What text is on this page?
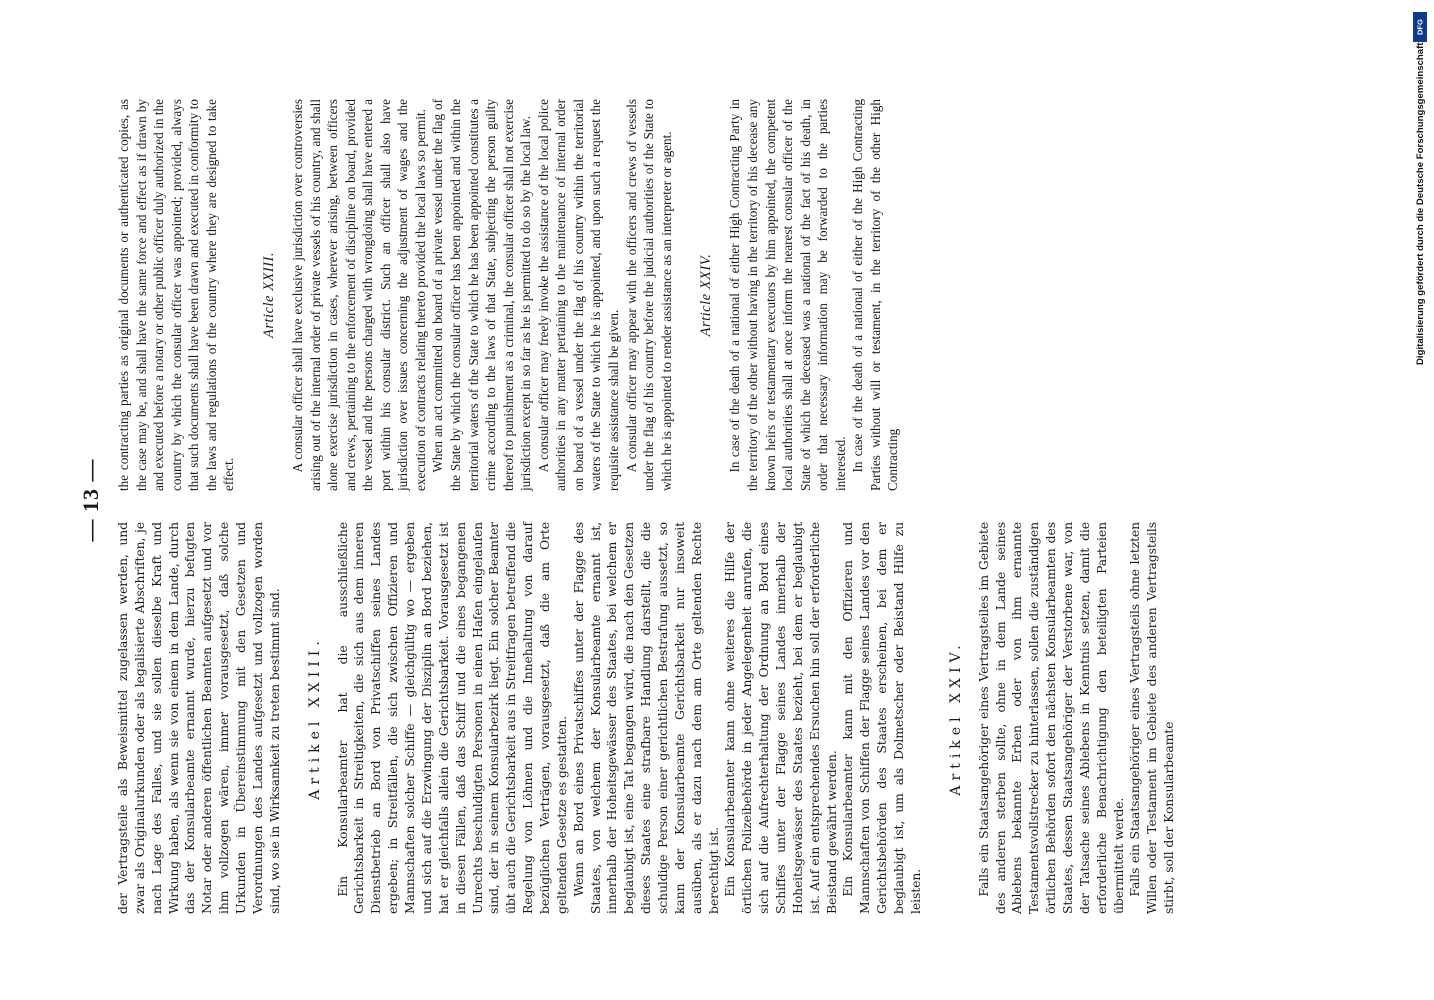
— 13 —

der Vertragsteile als Beweismittel zugelassen werden, und zwar als Originalurkunden oder als legalisierte Abschriften, je nach Lage des Falles, und sie sollen dieselbe Kraft und Wirkung haben, als wenn sie von einem in dem Lande, durch das der Konsularbeamte ernannt wurde, hierzu befugten Notar oder anderen öffentlichen Beamten aufgesetzt und vor ihm vollzogen wären, immer vorausgesetzt, daß solche Urkunden in Übereinstimmung mit den Gesetzen und Verordnungen des Landes aufgesetzt und vollzogen worden sind, wo sie in Wirksamkeit zu treten bestimmt sind. Artikel XXIII. Ein Konsularbeamter hat die ausschließliche Gerichtsbarkeit in Streitigkeiten, die sich aus dem inneren Dienstbetrieb an Bord von Privatschiffen seines Landes ergeben; in Streitfällen, die sich zwischen Offizieren und Mannschaften solcher Schiffe — gleichgültig wo — ergeben und sich auf die Erzwingung der Disziplin an Bord beziehen, hat er gleichfalls allein die Gerichtsbarkeit. Vorausgesetzt ist in diesen Fällen, daß das Schiff und die eines begangenen Unrechts beschuldigten Personen in einen Hafen eingelaufen sind, der in seinem Konsularbezirk liegt. Ein solcher Beamter übt auch die Gerichtsbarkeit aus in Streitfragen betreffend die Regelung von Löhnen und die Innehaltung von darauf bezüglichen Verträgen, vorausgesetzt, daß die am Orte geltenden Gesetze es gestatten. Wenn an Bord eines Privatschiffes unter der Flagge des Staates, von welchem der Konsularbeamte ernannt ist, innerhalb der Hoheitsgewässer des Staates, bei welchem er beglaubigt ist, eine Tat begangen wird, die nach den Gesetzen dieses Staates eine strafbare Handlung darstellt, die die schuldige Person einer gerichtlichen Bestrafung aussetzt, so kann der Konsularbeamte Gerichtsbarkeit nur insoweit ausüben, als er dazu nach dem am Orte geltenden Rechte berechtigt ist. Ein Konsularbeamter kann ohne weiteres die Hilfe der örtlichen Polizeibehörde in jeder Angelegenheit anrufen, die sich auf die Aufrechterhaltung der Ordnung an Bord eines Schiffes unter der Flagge seines Landes innerhalb der Hoheitsgewässer des Staates bezieht, bei dem er beglaubigt ist. Auf ein entsprechendes Ersuchen hin soll der erforderliche Beistand gewährt werden. Ein Konsularbeamter kann mit den Offizieren und Mannschaften von Schiffen der Flagge seines Landes vor den Gerichtsbehörden des Staates erscheinen, bei dem er beglaubigt ist, um als Dolmetscher oder Beistand Hilfe zu leisten.

Artikel XXIV. Falls ein Staatsangehöriger eines Vertragsteiles im Gebiete des anderen sterben sollte, ohne in dem Lande seines Ablebens bekannte Erben oder von ihm ernannte Testamentsvollstrecker zu hinterlassen, sollen die zuständigen örtlichen Behörden sofort den nächsten Konsularbeamten des Staates, dessen Staatsangehöriger der Verstorbene war, von der Tatsache seines Ablebens in Kenntnis setzen, damit die erforderliche Benachrichtigung den beteiligten Parteien übermittelt werde. Falls ein Staatsangehöriger eines Vertragsteils ohne letzten Willen oder Testament im Gebiete des anderen Vertragsteils stirbt, soll der Konsularbeamte

the contracting parties as original documents or authenticated copies, as the case may be, and shall have the same force and effect as if drawn by and executed before a notary or other public officer duly authorized in the country by which the consular officer was appointed; provided, always that such documents shall have been drawn and executed in conformity to the laws and regulations of the country where they are designed to take effect.

Article XXIII. A consular officer shall have exclusive jurisdiction over controversies arising out of the internal order of private vessels of his country, and shall alone exercise jurisdiction in cases, wherever arising, between officers and crews, pertaining to the enforcement of discipline on board, provided the vessel and the persons charged with wrongdoing shall have entered a port within his consular district. Such an officer shall also have jurisdiction over issues concerning the adjustment of wages and the execution of contracts relating thereto provided the local laws so permit. When an act committed on board of a private vessel under the flag of the State by which the consular officer has been appointed and within the territorial waters of the State to which he has been appointed constitutes a crime according to the laws of that State, subjecting the person guilty thereof to punishment as a criminal, the consular officer shall not exercise jurisdiction except in so far as he is permitted to do so by the local law. A consular officer may freely invoke the assistance of the local police authorities in any matter pertaining to the maintenance of internal order on board of a vessel under the flag of his country within the territorial waters of the State to which he is appointed, and upon such a request the requisite assistance shall be given. A consular officer may appear with the officers and crews of vessels under the flag of his country before the judicial authorities of the State to which he is appointed to render assistance as an interpreter or agent. Article XXIV. In case of the death of a national of either High Contracting Party in the territory of the other without having in the territory of his decease any known heirs or testamentary executors by him appointed, the competent local authorities shall at once inform the nearest consular officer of the State of which the deceased was a national of the fact of his death, in order that necessary information may be forwarded to the parties interested. In case of the death of a national of either of the High Contracting Parties without will or testament, in the territory of the other High Contracting

DFG
Digitalisierung gefördert durch die Deutsche Forschungsgemeinschaft
